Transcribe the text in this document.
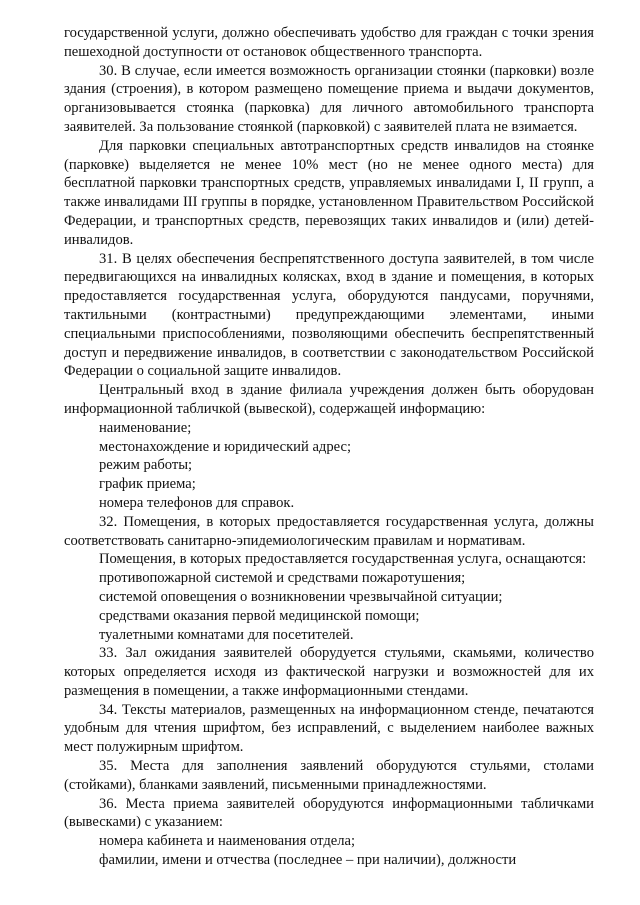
государственной услуги, должно обеспечивать удобство для граждан с точки зрения пешеходной доступности от остановок общественного транспорта.

30. В случае, если имеется возможность организации стоянки (парковки) возле здания (строения), в котором размещено помещение приема и выдачи документов, организовывается стоянка (парковка) для личного автомобильного транспорта заявителей. За пользование стоянкой (парковкой) с заявителей плата не взимается.

Для парковки специальных автотранспортных средств инвалидов на стоянке (парковке) выделяется не менее 10% мест (но не менее одного места) для бесплатной парковки транспортных средств, управляемых инвалидами I, II групп, а также инвалидами III группы в порядке, установленном Правительством Российской Федерации, и транспортных средств, перевозящих таких инвалидов и (или) детей-инвалидов.

31. В целях обеспечения беспрепятственного доступа заявителей, в том числе передвигающихся на инвалидных колясках, вход в здание и помещения, в которых предоставляется государственная услуга, оборудуются пандусами, поручнями, тактильными (контрастными) предупреждающими элементами, иными специальными приспособлениями, позволяющими обеспечить беспрепятственный доступ и передвижение инвалидов, в соответствии с законодательством Российской Федерации о социальной защите инвалидов.

Центральный вход в здание филиала учреждения должен быть оборудован информационной табличкой (вывеской), содержащей информацию:

наименование;

местонахождение и юридический адрес;

режим работы;

график приема;

номера телефонов для справок.

32. Помещения, в которых предоставляется государственная услуга, должны соответствовать санитарно-эпидемиологическим правилам и нормативам.

Помещения, в которых предоставляется государственная услуга, оснащаются:

противопожарной системой и средствами пожаротушения;

системой оповещения о возникновении чрезвычайной ситуации;

средствами оказания первой медицинской помощи;

туалетными комнатами для посетителей.

33. Зал ожидания заявителей оборудуется стульями, скамьями, количество которых определяется исходя из фактической нагрузки и возможностей для их размещения в помещении, а также информационными стендами.

34. Тексты материалов, размещенных на информационном стенде, печатаются удобным для чтения шрифтом, без исправлений, с выделением наиболее важных мест полужирным шрифтом.

35. Места для заполнения заявлений оборудуются стульями, столами (стойками), бланками заявлений, письменными принадлежностями.

36. Места приема заявителей оборудуются информационными табличками (вывесками) с указанием:

номера кабинета и наименования отдела;

фамилии, имени и отчества (последнее – при наличии), должности
